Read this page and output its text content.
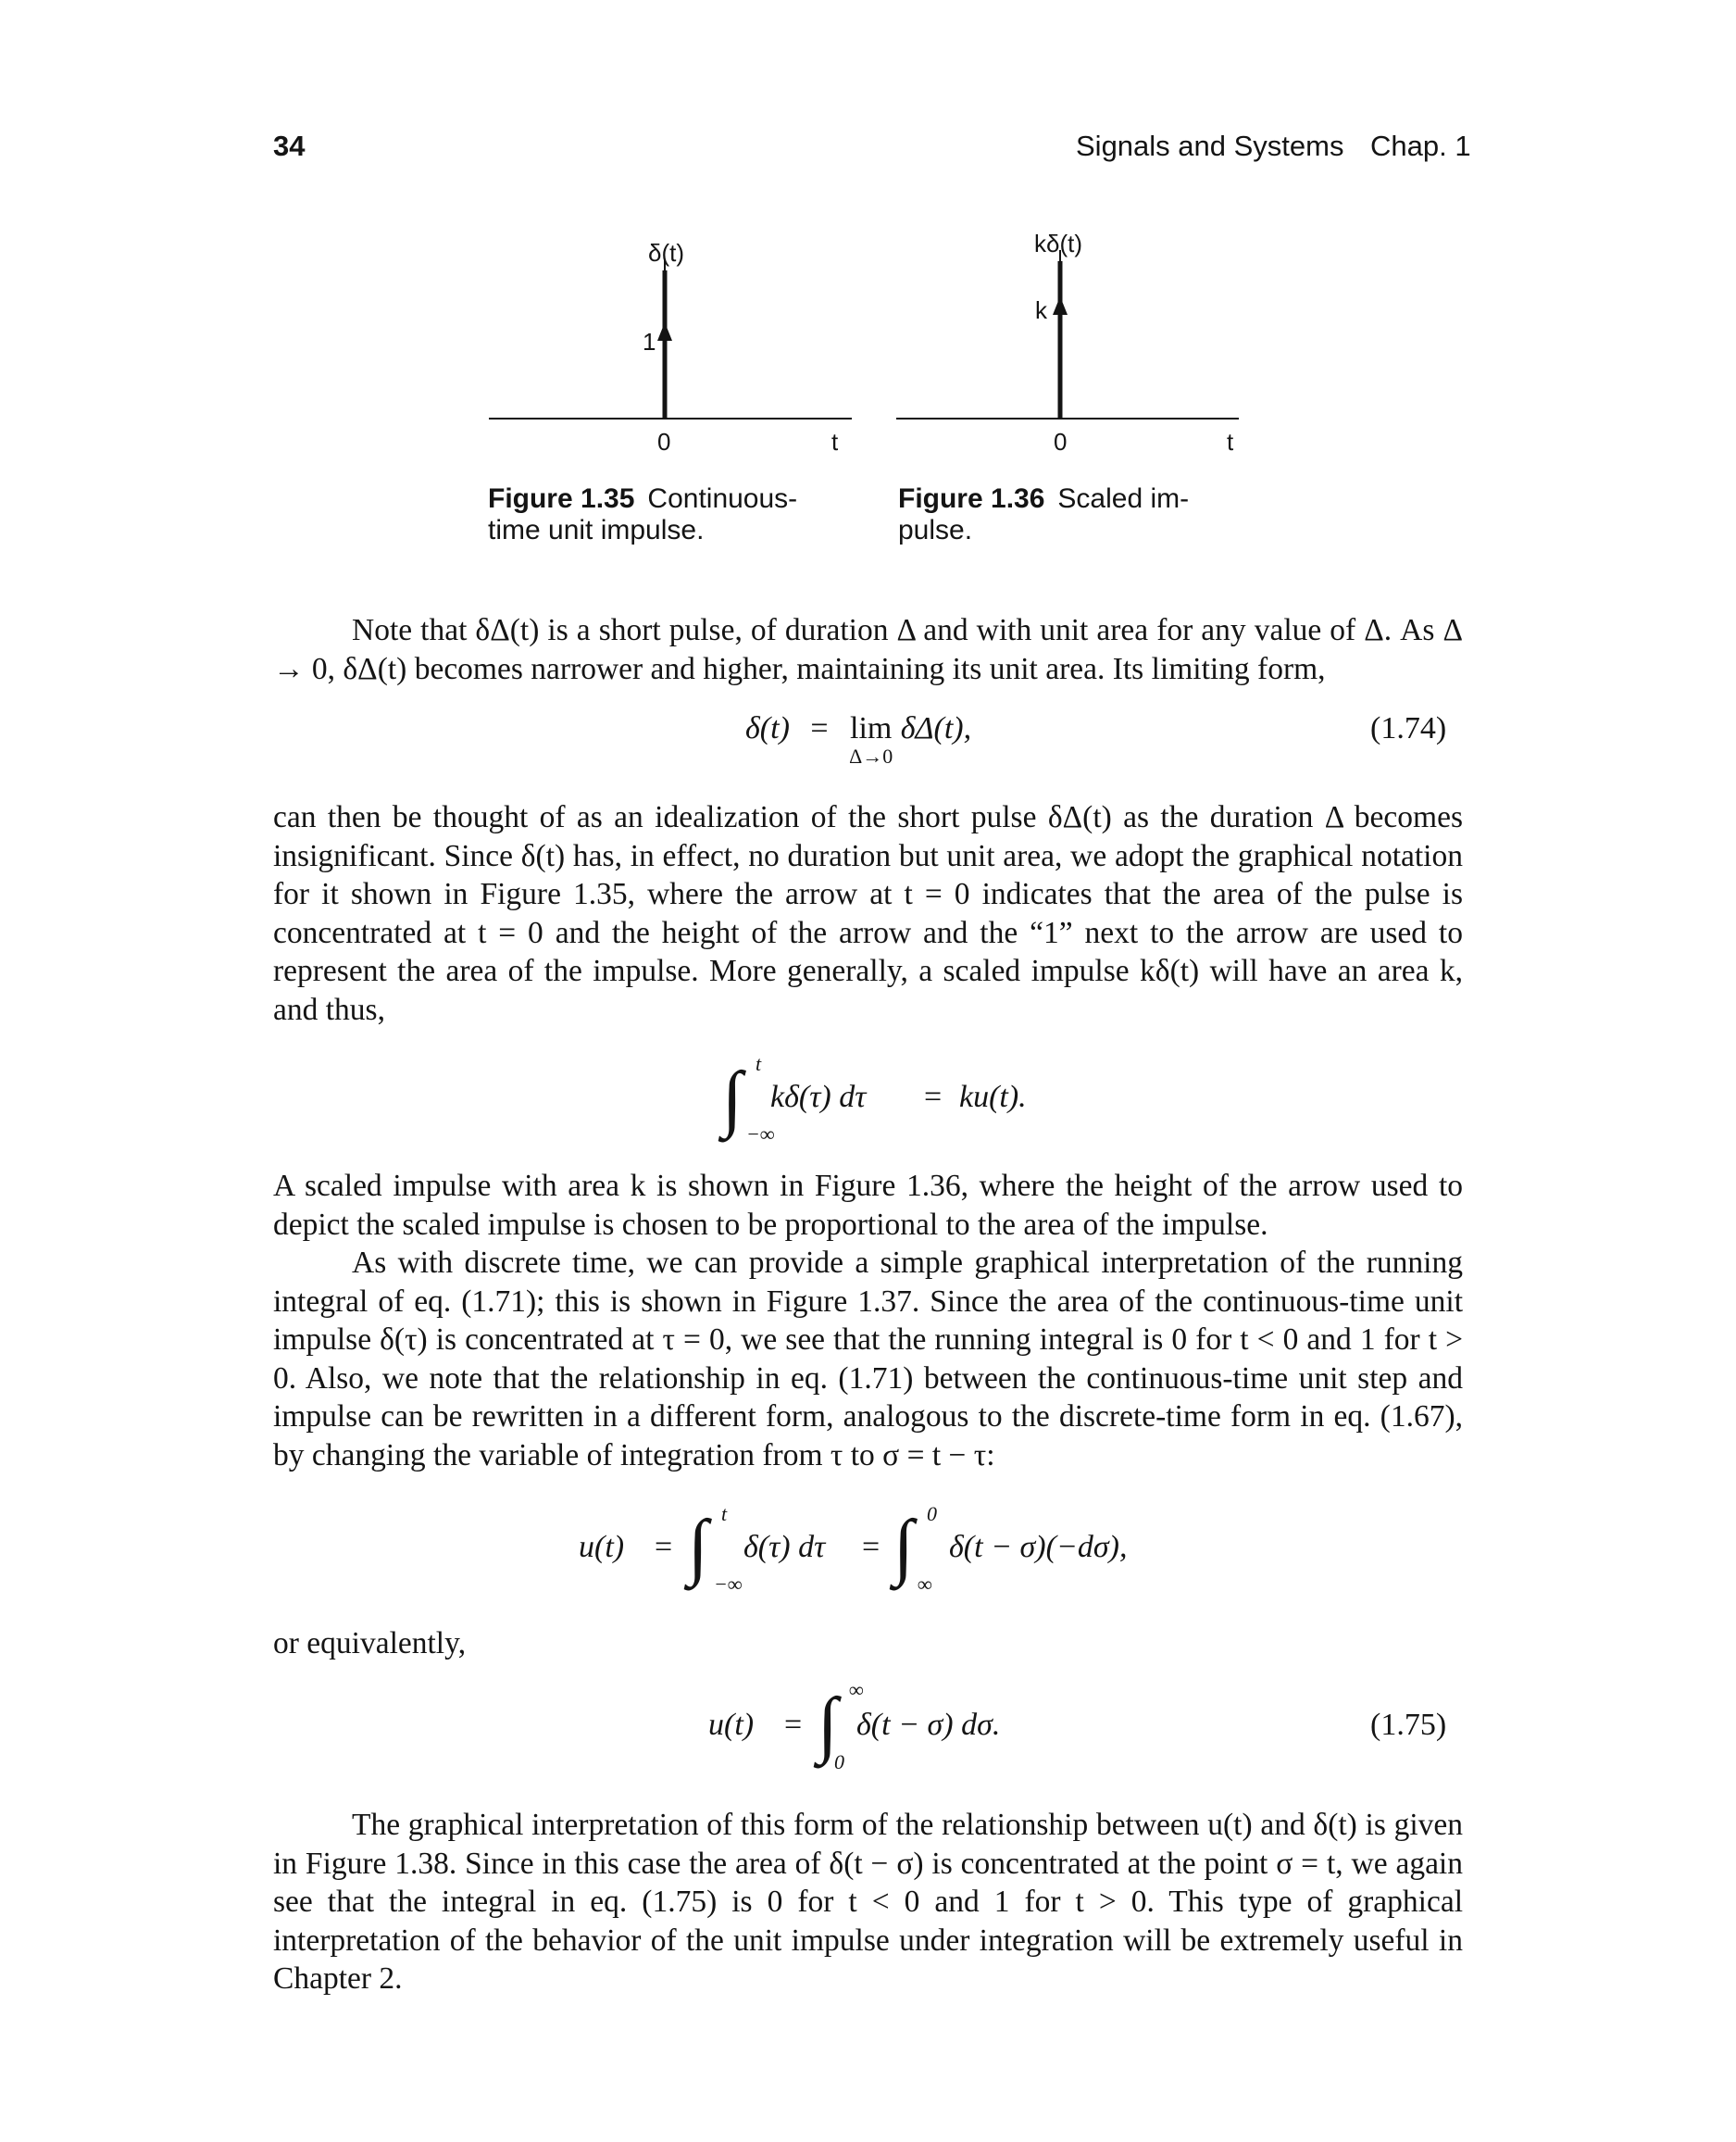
34	Signals and Systems Chap. 1
δ(t)
1
0	t
Figure 1.35 Continuous-
time unit impulse.
kδ(t)
k
0	t
Figure 1.36 Scaled im-
pulse.

Note that δΔ(t) is a short pulse, of duration Δ and with unit area for any value of Δ. As Δ → 0, δΔ(t) becomes narrower and higher, maintaining its unit area. Its limiting form,

δ(t) = lim
Δ→0
δΔ(t),	(1.74)

can then be thought of as an idealization of the short pulse δΔ(t) as the duration Δ becomes insignificant. Since δ(t) has, in effect, no duration but unit area, we adopt the graphical notation for it shown in Figure 1.35, where the arrow at t = 0 indicates that the area of the pulse is concentrated at t = 0 and the height of the arrow and the “1” next to the arrow are used to represent the area of the impulse. More generally, a scaled impulse kδ(t) will have an area k, and thus,

∫ t
−∞
kδ(τ) dτ = ku(t).

A scaled impulse with area k is shown in Figure 1.36, where the height of the arrow used to depict the scaled impulse is chosen to be proportional to the area of the impulse.

As with discrete time, we can provide a simple graphical interpretation of the running integral of eq. (1.71); this is shown in Figure 1.37. Since the area of the continuous-time unit impulse δ(τ) is concentrated at τ = 0, we see that the running integral is 0 for t < 0 and 1 for t > 0. Also, we note that the relationship in eq. (1.71) between the continuous-time unit step and impulse can be rewritten in a different form, analogous to the discrete-time form in eq. (1.67), by changing the variable of integration from τ to σ = t − τ:

u(t) = ∫ t
−∞
δ(τ) dτ = ∫ 0
∞
δ(t − σ)(−dσ),

or equivalently,

u(t) = ∫ ∞
0
δ(t − σ) dσ.	(1.75)

The graphical interpretation of this form of the relationship between u(t) and δ(t) is given in Figure 1.38. Since in this case the area of δ(t − σ) is concentrated at the point σ = t, we again see that the integral in eq. (1.75) is 0 for t < 0 and 1 for t > 0. This type of graphical interpretation of the behavior of the unit impulse under integration will be extremely useful in Chapter 2.
